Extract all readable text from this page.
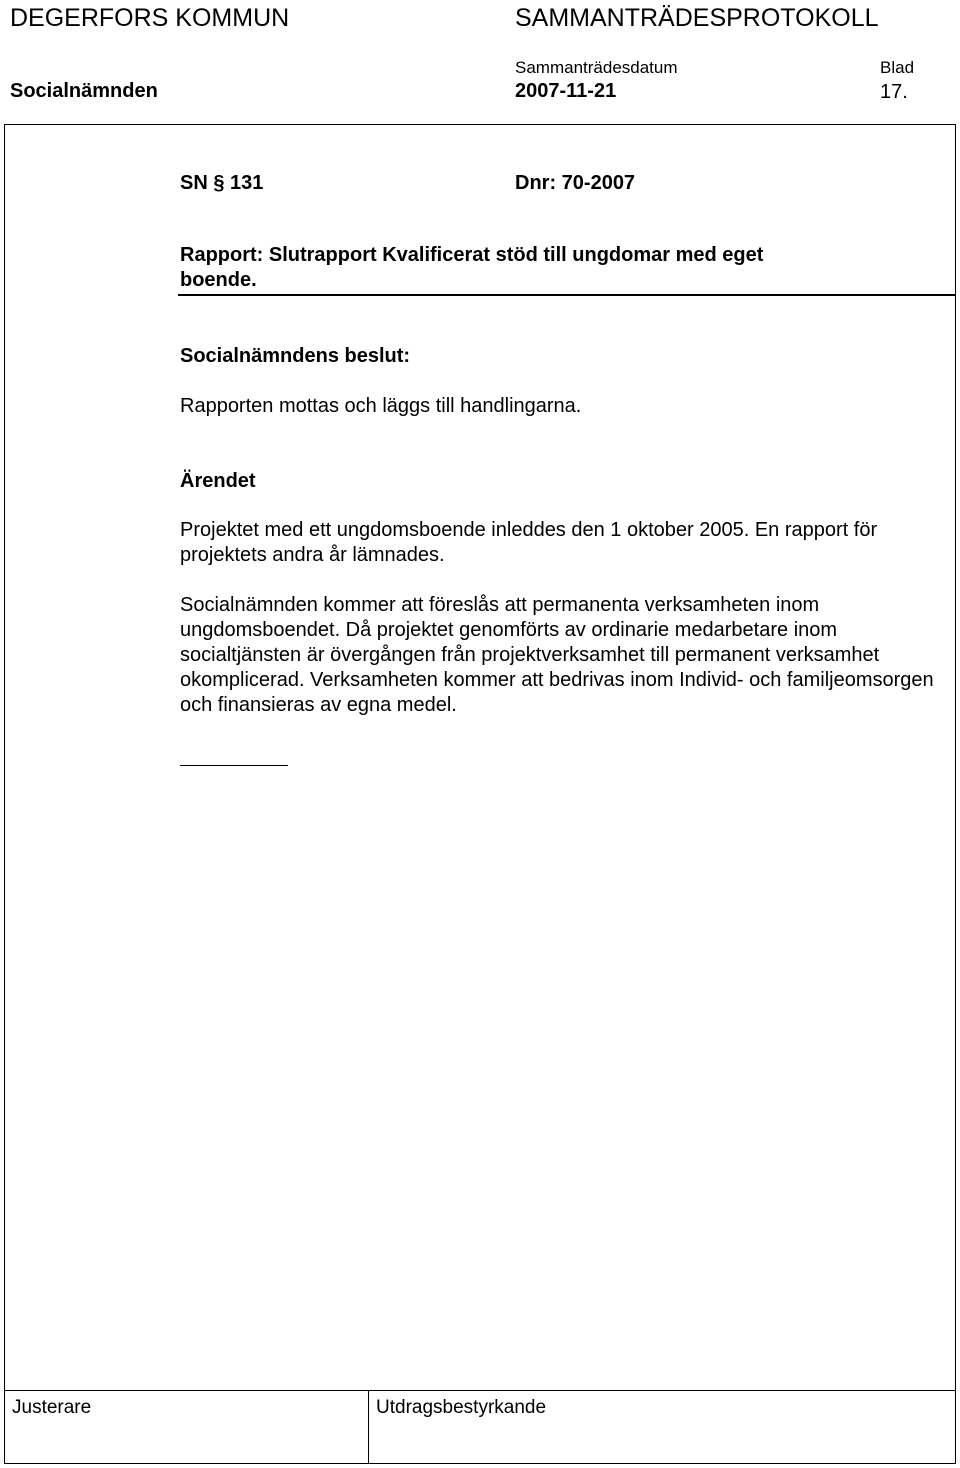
DEGERFORS KOMMUN	SAMMANTRÄDESPROTOKOLL
Sammanträdesdatum	Blad
Socialnämnden	2007-11-21	17.
SN § 131	Dnr: 70-2007
Rapport: Slutrapport Kvalificerat stöd till ungdomar med eget
boende.
Socialnämndens beslut:
Rapporten mottas och läggs till handlingarna.
Ärendet
Projektet med ett ungdomsboende inleddes den 1 oktober 2005. En rapport för projektets andra år lämnades.
Socialnämnden kommer att föreslås att permanenta verksamheten inom ungdomsboendet. Då projektet genomförts av ordinarie medarbetare inom socialtjänsten är övergången från projektverksamhet till permanent verksamhet okomplicerad. Verksamheten kommer att bedrivas inom Individ- och familjeomsorgen och finansieras av egna medel.
Justerare	Utdragsbestyrkande
